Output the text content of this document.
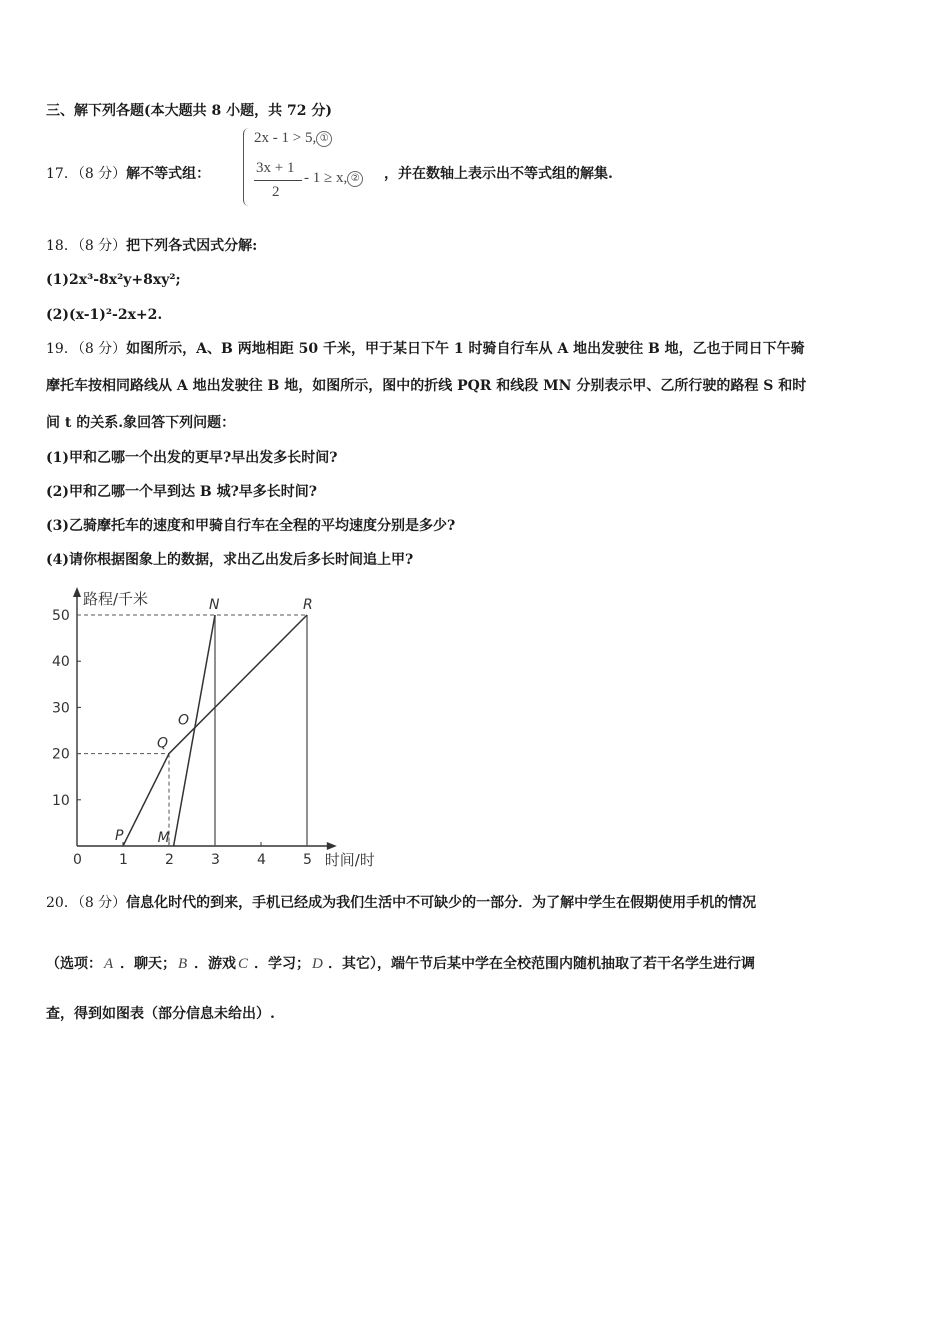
三、解下列各题(本大题共 8 小题，共 72 分)
17．（8 分）解不等式组：
2x - 1 > 5, ①
3x + 1
2
- 1 ≥ x, ② ，并在数轴上表示出不等式组的解集.
18．（8 分）把下列各式因式分解:
(1)2x³-8x²y+8xy²;
(2)(x-1)²-2x+2.
19．（8 分）如图所示，A、B 两地相距 50 千米，甲于某日下午 1 时骑自行车从 A 地出发驶往 B 地，乙也于同日下午骑
摩托车按相同路线从 A 地出发驶往 B 地，如图所示，图中的折线 PQR 和线段 MN 分别表示甲、乙所行驶的路程 S 和时
间 t 的关系.象回答下列问题：
(1)甲和乙哪一个出发的更早?早出发多长时间?
(2)甲和乙哪一个早到达 B 城?早多长时间?
(3)乙骑摩托车的速度和甲骑自行车在全程的平均速度分别是多少?
(4)请你根据图象上的数据，求出乙出发后多长时间追上甲?
路程/千米
时间/时
0	1	2	3	4	5
10
20
30
40
50
P
Q
R
M
N
O
20．（8 分）信息化时代的到来，手机已经成为我们生活中不可缺少的一部分．为了解中学生在假期使用手机的情况
（选项： A ．聊天； B ．游戏 C ．学习； D ．其它），端午节后某中学在全校范围内随机抽取了若干名学生进行调
查，得到如图表（部分信息未给出）.
